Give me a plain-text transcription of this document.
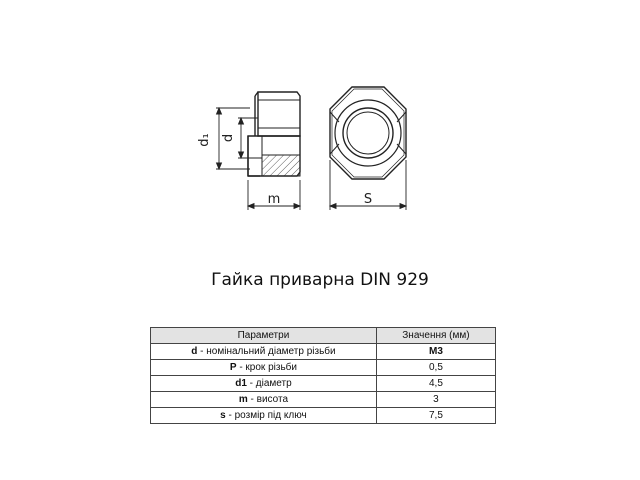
d₁ d
m	S
Гайка приварна DIN 929
Параметри	Значення (мм)
d - номінальний діаметр різьби	M3
P - крок різьби	0,5
d1 - діаметр	4,5
m - висота	3
s - розмір під ключ	7,5
